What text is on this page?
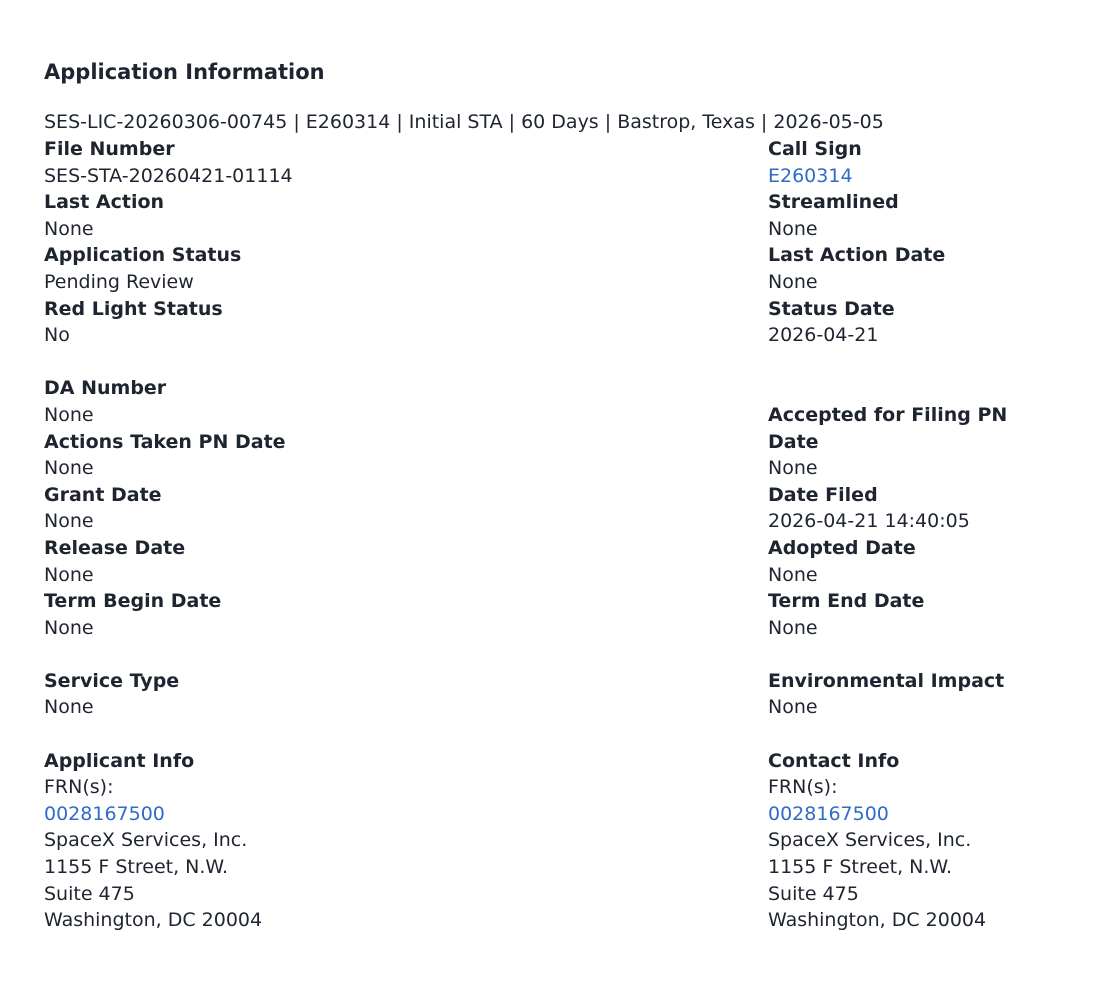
Application Information
SES-LIC-20260306-00745 | E260314 | Initial STA | 60 Days | Bastrop, Texas | 2026-05-05
File Number
SES-STA-20260421-01114
Last Action
None
Application Status
Pending Review
Red Light Status
No
Call Sign
E260314
Streamlined
None
Last Action Date
None
Status Date
2026-04-21
DA Number
None
Actions Taken PN Date
None
Grant Date
None
Release Date
None
Term Begin Date
None
Accepted for Filing PN Date
None
Date Filed
2026-04-21 14:40:05
Adopted Date
None
Term End Date
None
Service Type
None
Environmental Impact
None
Applicant Info
FRN(s):
0028167500
SpaceX Services, Inc.
1155 F Street, N.W.
Suite 475
Washington, DC 20004
Contact Info
FRN(s):
0028167500
SpaceX Services, Inc.
1155 F Street, N.W.
Suite 475
Washington, DC 20004
